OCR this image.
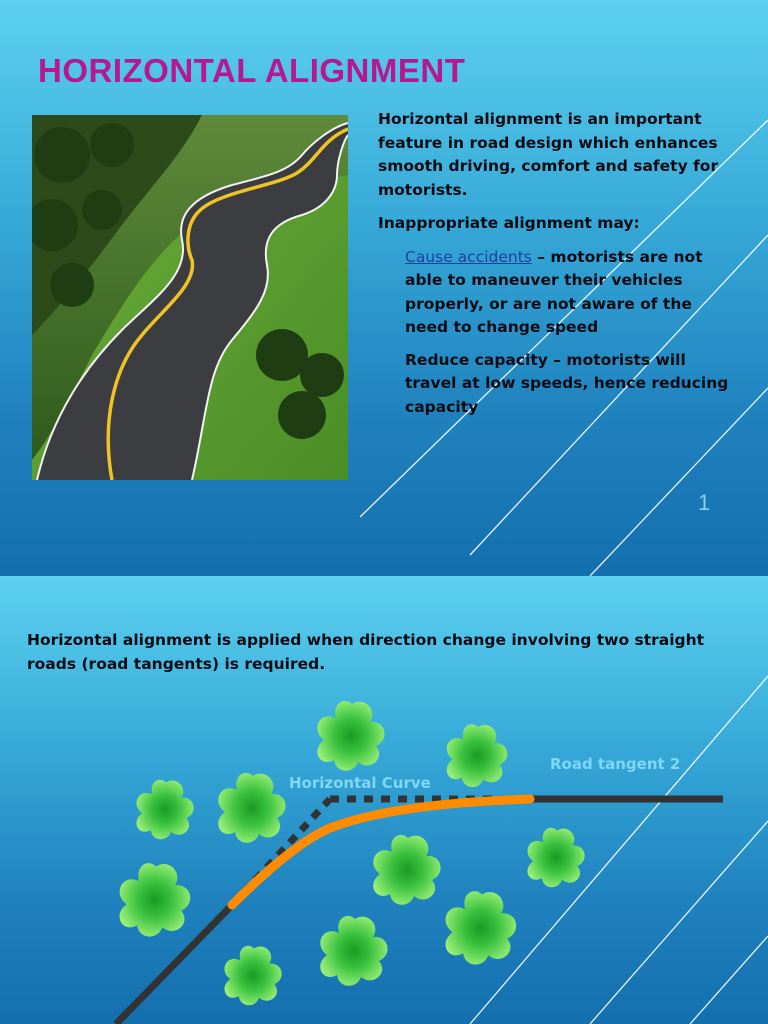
HORIZONTAL ALIGNMENT

Horizontal alignment is an important feature in road design which enhances smooth driving, comfort and safety for motorists.

Inappropriate alignment may:

Cause accidents – motorists are not able to maneuver their vehicles properly, or are not aware of the need to change speed
Reduce capacity – motorists will travel at low speeds, hence reducing capacity
1

Horizontal alignment is applied when direction change involving two straight roads (road tangents) is required.

Horizontal Curve
Road tangent 2
